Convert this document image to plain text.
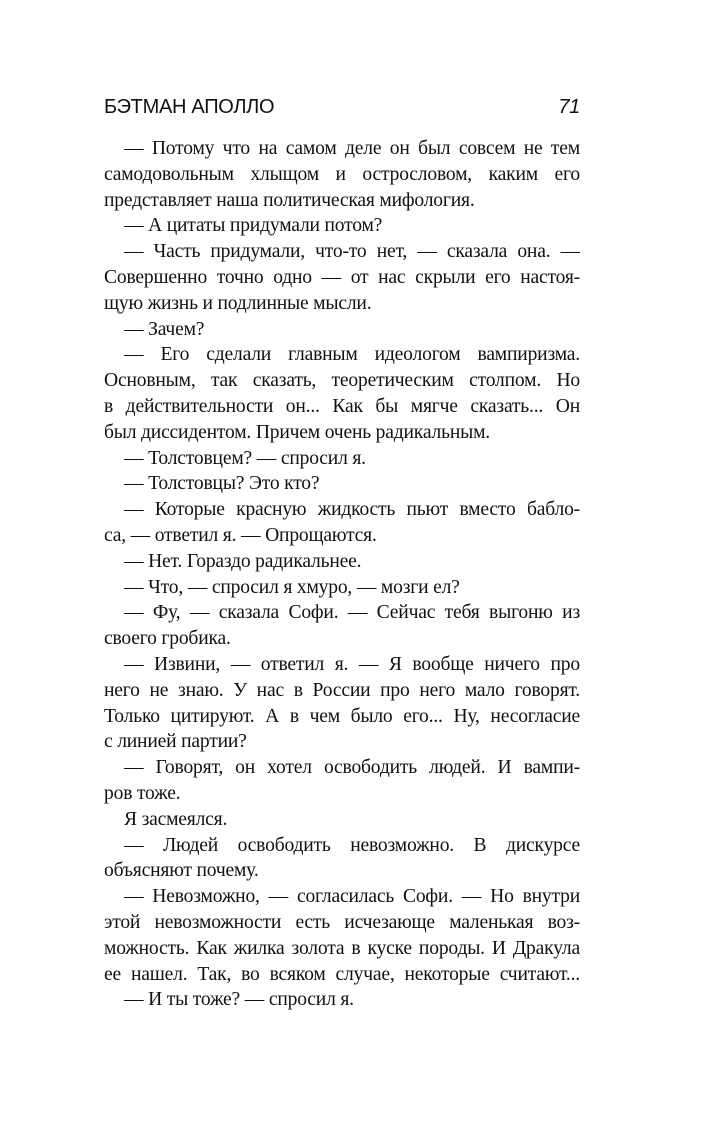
БЭТМАН АПОЛЛО	71
— Потому что на самом деле он был совсем не тем
самодовольным хлыщом и острословом, каким его
представляет наша политическая мифология.
— А цитаты придумали потом?
— Часть придумали, что-то нет, — сказала она. —
Совершенно точно одно — от нас скрыли его настоя-
щую жизнь и подлинные мысли.
— Зачем?
— Его сделали главным идеологом вампиризма.
Основным, так сказать, теоретическим столпом. Но
в действительности он... Как бы мягче сказать... Он
был диссидентом. Причем очень радикальным.
— Толстовцем? — спросил я.
— Толстовцы? Это кто?
— Которые красную жидкость пьют вместо бабло-
са, — ответил я. — Опрощаются.
— Нет. Гораздо радикальнее.
— Что, — спросил я хмуро, — мозги ел?
— Фу, — сказала Софи. — Сейчас тебя выгоню из
своего гробика.
— Извини, — ответил я. — Я вообще ничего про
него не знаю. У нас в России про него мало говорят.
Только цитируют. А в чем было его... Ну, несогласие
с линией партии?
— Говорят, он хотел освободить людей. И вампи-
ров тоже.
Я засмеялся.
— Людей освободить невозможно. В дискурсе
объясняют почему.
— Невозможно, — согласилась Софи. — Но внутри
этой невозможности есть исчезающе маленькая воз-
можность. Как жилка золота в куске породы. И Дракула
ее нашел. Так, во всяком случае, некоторые считают...
— И ты тоже? — спросил я.
